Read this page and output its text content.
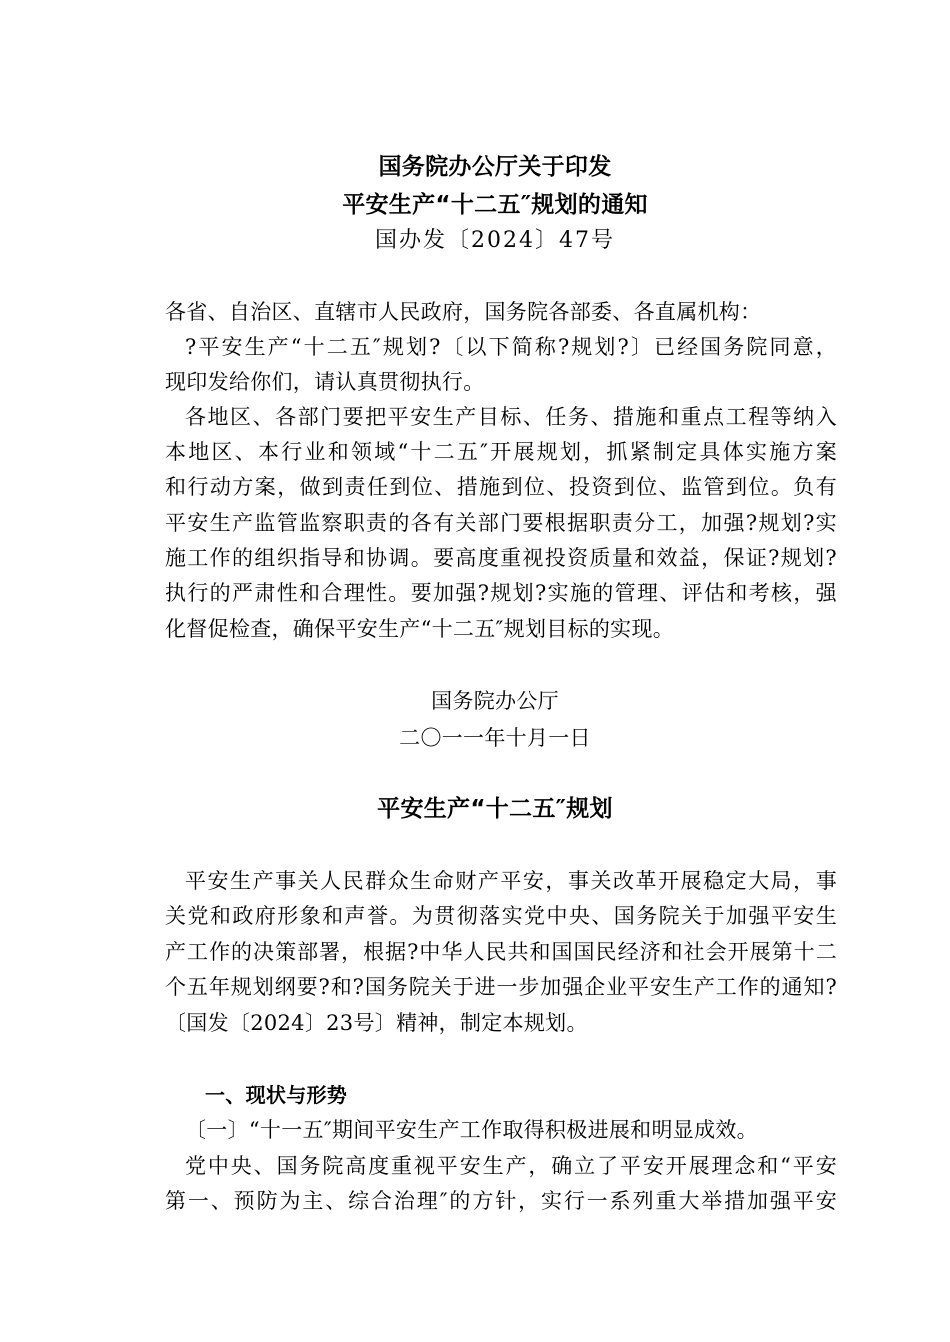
国务院办公厅关于印发
平安生产“十二五″规划的通知
国办发〔2024〕47号
各省、自治区、直辖市人民政府，国务院各部委、各直属机构：
?平安生产“十二五″规划?〔以下简称?规划?〕已经国务院同意，
现印发给你们，请认真贯彻执行。
各地区、各部门要把平安生产目标、任务、措施和重点工程等纳入
本地区、本行业和领域“十二五″开展规划，抓紧制定具体实施方案
和行动方案，做到责任到位、措施到位、投资到位、监管到位。负有
平安生产监管监察职责的各有关部门要根据职责分工，加强?规划?实
施工作的组织指导和协调。要高度重视投资质量和效益，保证?规划?
执行的严肃性和合理性。要加强?规划?实施的管理、评估和考核，强
化督促检查，确保平安生产“十二五″规划目标的实现。
国务院办公厅
二〇一一年十月一日
平安生产“十二五″规划
平安生产事关人民群众生命财产平安，事关改革开展稳定大局，事
关党和政府形象和声誉。为贯彻落实党中央、国务院关于加强平安生
产工作的决策部署，根据?中华人民共和国国民经济和社会开展第十二
个五年规划纲要?和?国务院关于进一步加强企业平安生产工作的通知?
〔国发〔2024〕23号〕精神，制定本规划。
一、现状与形势
〔一〕“十一五″期间平安生产工作取得积极进展和明显成效。
党中央、国务院高度重视平安生产，确立了平安开展理念和“平安
第一、预防为主、综合治理″的方针，实行一系列重大举措加强平安
